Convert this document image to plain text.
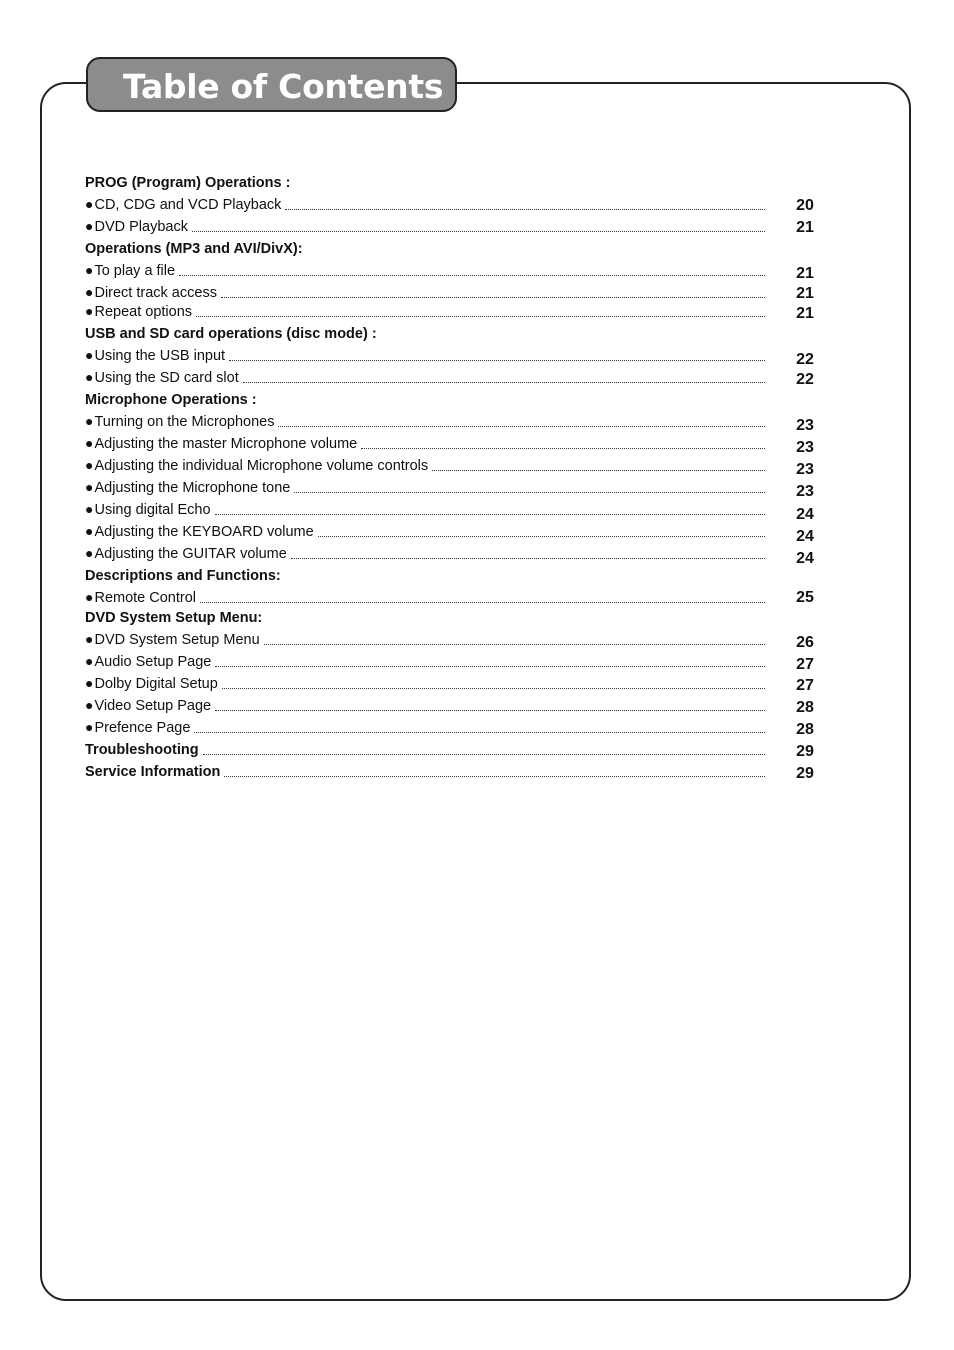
Table of Contents
PROG (Program) Operations :
●CD, CDG and VCD Playback	20
●DVD Playback	21
Operations (MP3 and AVI/DivX):
●To play a file	21
●Direct track access	21
●Repeat options	21
USB and SD card operations (disc mode) :
●Using the USB input	22
●Using the SD card slot	22
Microphone Operations :
●Turning on the Microphones	23
●Adjusting the master Microphone volume	23
●Adjusting the individual Microphone volume controls	23
●Adjusting the Microphone tone	23
●Using digital Echo	24
●Adjusting the KEYBOARD volume	24
●Adjusting the GUITAR volume	24
Descriptions and Functions:
●Remote Control	25
DVD System Setup Menu:
●DVD System Setup Menu	26
●Audio Setup Page	27
●Dolby Digital Setup	27
●Video Setup Page	28
●Prefence Page	28
Troubleshooting	29
Service Information	29
